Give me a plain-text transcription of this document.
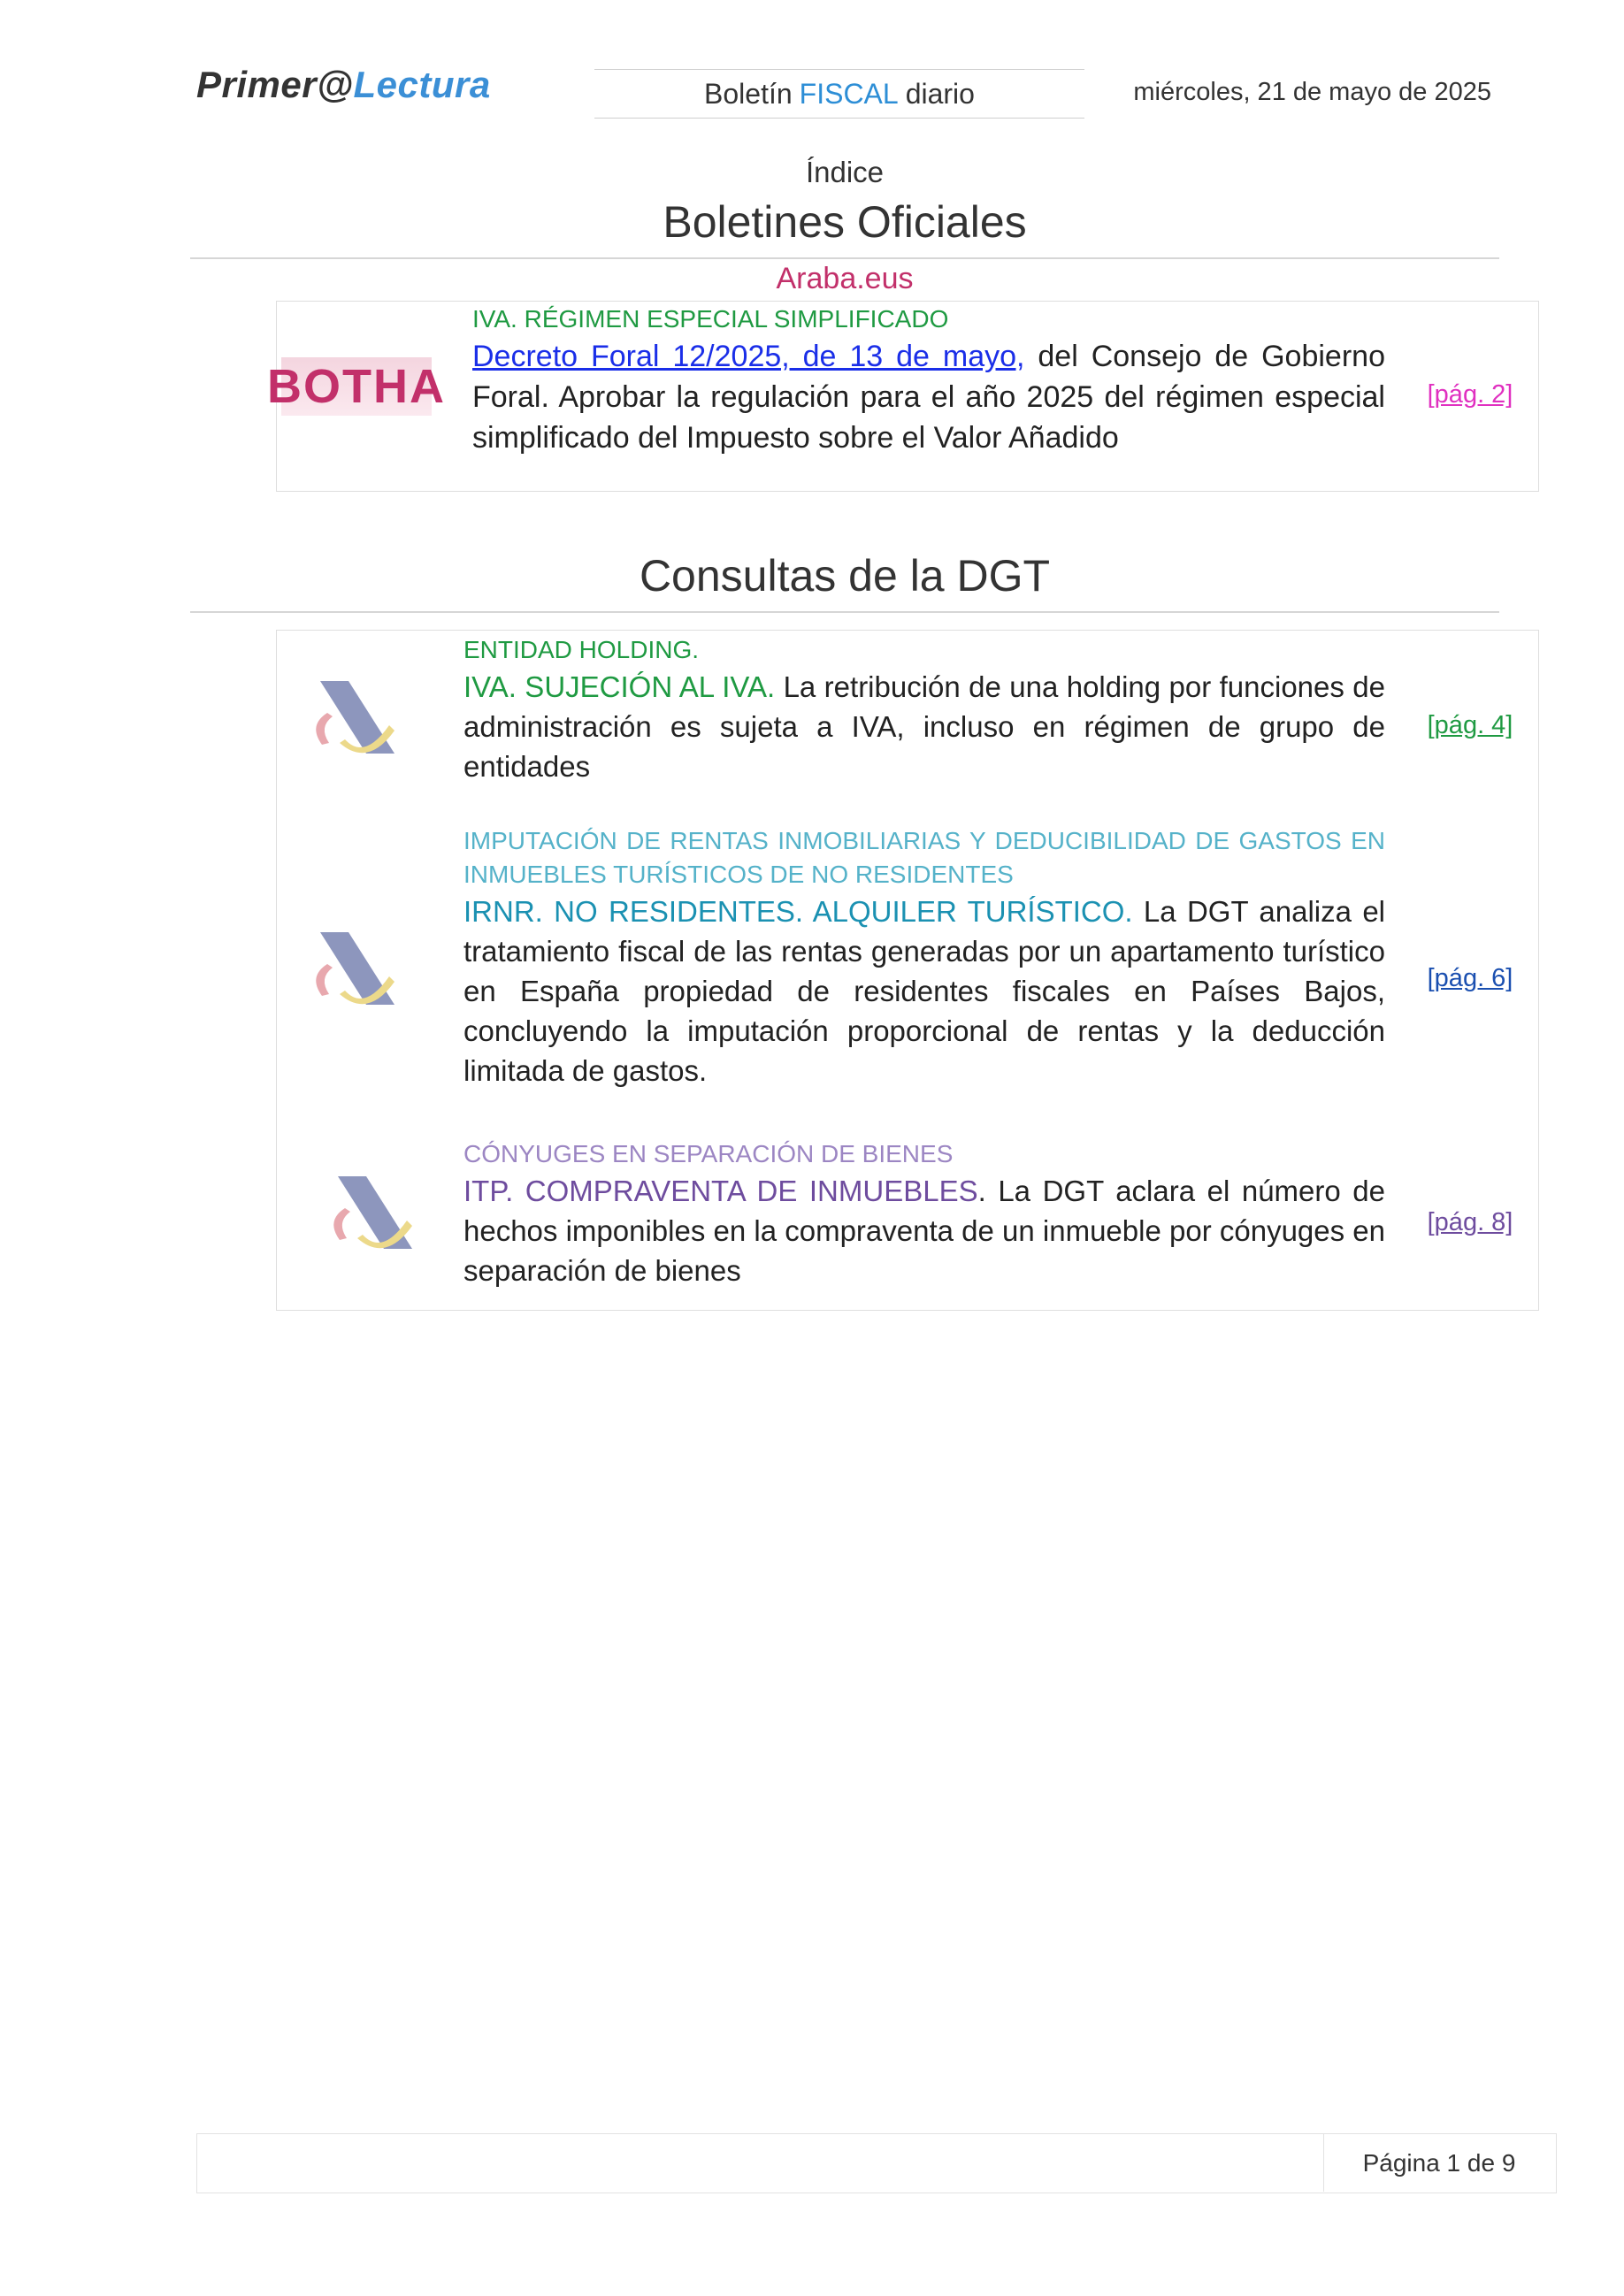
Primer@Lectura	Boletín FISCAL diario	miércoles, 21 de mayo de 2025
Índice
Boletines Oficiales
Araba.eus
BOTHA
IVA. RÉGIMEN ESPECIAL SIMPLIFICADO
Decreto Foral 12/2025, de 13 de mayo, del Consejo de Gobierno Foral. Aprobar la regulación para el año 2025 del régimen especial simplificado del Impuesto sobre el Valor Añadido
[pág. 2]
Consultas de la DGT
ENTIDAD HOLDING.
IVA. SUJECIÓN AL IVA. La retribución de una holding por funciones de administración es sujeta a IVA, incluso en régimen de grupo de entidades
[pág. 4]
IMPUTACIÓN DE RENTAS INMOBILIARIAS Y DEDUCIBILIDAD DE GASTOS EN INMUEBLES TURÍSTICOS DE NO RESIDENTES
IRNR. NO RESIDENTES. ALQUILER TURÍSTICO. La DGT analiza el tratamiento fiscal de las rentas generadas por un apartamento turístico en España propiedad de residentes fiscales en Países Bajos, concluyendo la imputación proporcional de rentas y la deducción limitada de gastos.
[pág. 6]
CÓNYUGES EN SEPARACIÓN DE BIENES
ITP. COMPRAVENTA DE INMUEBLES. La DGT aclara el número de hechos imponibles en la compraventa de un inmueble por cónyuges en separación de bienes
[pág. 8]
Página 1 de 9
